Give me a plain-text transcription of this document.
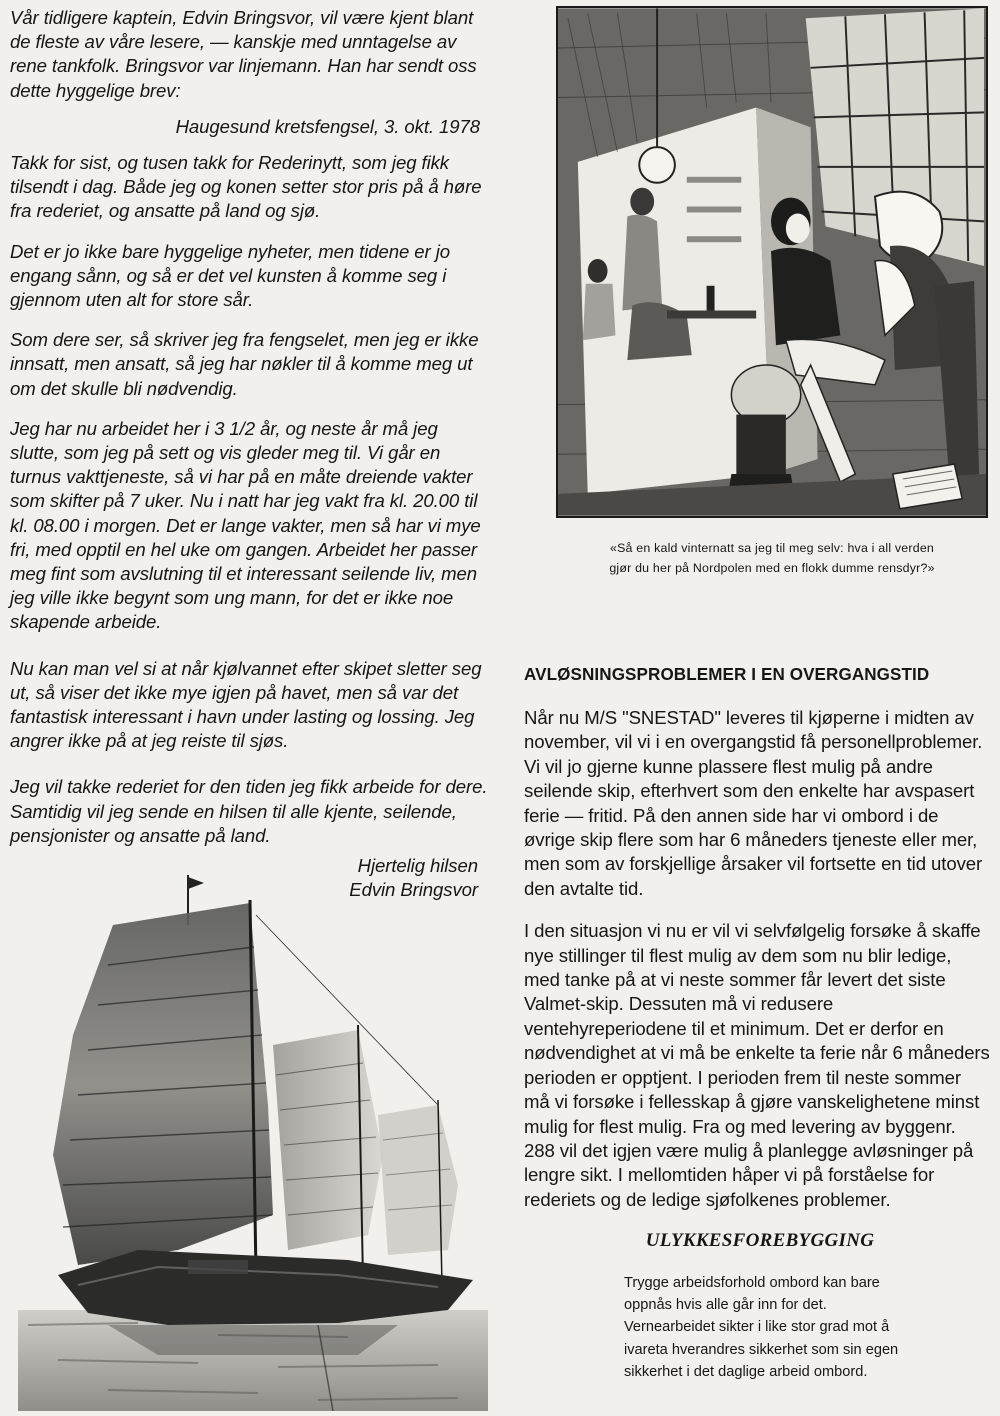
Vår tidligere kaptein, Edvin Bringsvor, vil være kjent blant de fleste av våre lesere, — kanskje med unntagelse av rene tankfolk. Bringsvor var linjemann. Han har sendt oss dette hyggelige brev:

Haugesund kretsfengsel, 3. okt. 1978

Takk for sist, og tusen takk for Rederinytt, som jeg fikk tilsendt i dag. Både jeg og konen setter stor pris på å høre fra rederiet, og ansatte på land og sjø.

Det er jo ikke bare hyggelige nyheter, men tidene er jo engang sånn, og så er det vel kunsten å komme seg i gjennom uten alt for store sår.

Som dere ser, så skriver jeg fra fengselet, men jeg er ikke innsatt, men ansatt, så jeg har nøkler til å komme meg ut om det skulle bli nødvendig.

Jeg har nu arbeidet her i 3 1/2 år, og neste år må jeg slutte, som jeg på sett og vis gleder meg til. Vi går en turnus vakttjeneste, så vi har på en måte dreiende vakter som skifter på 7 uker. Nu i natt har jeg vakt fra kl. 20.00 til kl. 08.00 i morgen. Det er lange vakter, men så har vi mye fri, med opptil en hel uke om gangen. Arbeidet her passer meg fint som avslutning til et interessant seilende liv, men jeg ville ikke begynt som ung mann, for det er ikke noe skapende arbeide.

Nu kan man vel si at når kjølvannet efter skipet sletter seg ut, så viser det ikke mye igjen på havet, men så var det fantastisk interessant i havn under lasting og lossing. Jeg angrer ikke på at jeg reiste til sjøs.

Jeg vil takke rederiet for den tiden jeg fikk arbeide for dere. Samtidig vil jeg sende en hilsen til alle kjente, seilende, pensjonister og ansatte på land.

Hjertelig hilsen
Edvin Bringsvor
«Så en kald vinternatt sa jeg til meg selv: hva i all verden
gjør du her på Nordpolen med en flokk dumme rensdyr?»
AVLØSNINGSPROBLEMER I EN OVERGANGSTID

Når nu M/S "SNESTAD" leveres til kjøperne i midten av november, vil vi i en overgangstid få personellproblemer. Vi vil jo gjerne kunne plassere flest mulig på andre seilende skip, efterhvert som den enkelte har avspasert ferie — fritid. På den annen side har vi ombord i de øvrige skip flere som har 6 måneders tjeneste eller mer, men som av forskjellige årsaker vil fortsette en tid utover den avtalte tid.

I den situasjon vi nu er vil vi selvfølgelig forsøke å skaffe nye stillinger til flest mulig av dem som nu blir ledige, med tanke på at vi neste sommer får levert det siste Valmet-skip. Dessuten må vi redusere ventehyreperiodene til et minimum. Det er derfor en nødvendighet at vi må be enkelte ta ferie når 6 måneders perioden er opptjent. I perioden frem til neste sommer må vi forsøke i fellesskap å gjøre vanskelighetene minst mulig for flest mulig. Fra og med levering av byggenr. 288 vil det igjen være mulig å planlegge avløsninger på lengre sikt. I mellomtiden håper vi på forståelse for rederiets og de ledige sjøfolkenes problemer.

ULYKKESFOREBYGGING

Trygge arbeidsforhold ombord kan bare oppnås hvis alle går inn for det. Vernearbeidet sikter i like stor grad mot å ivareta hverandres sikkerhet som sin egen sikkerhet i det daglige arbeid ombord.
